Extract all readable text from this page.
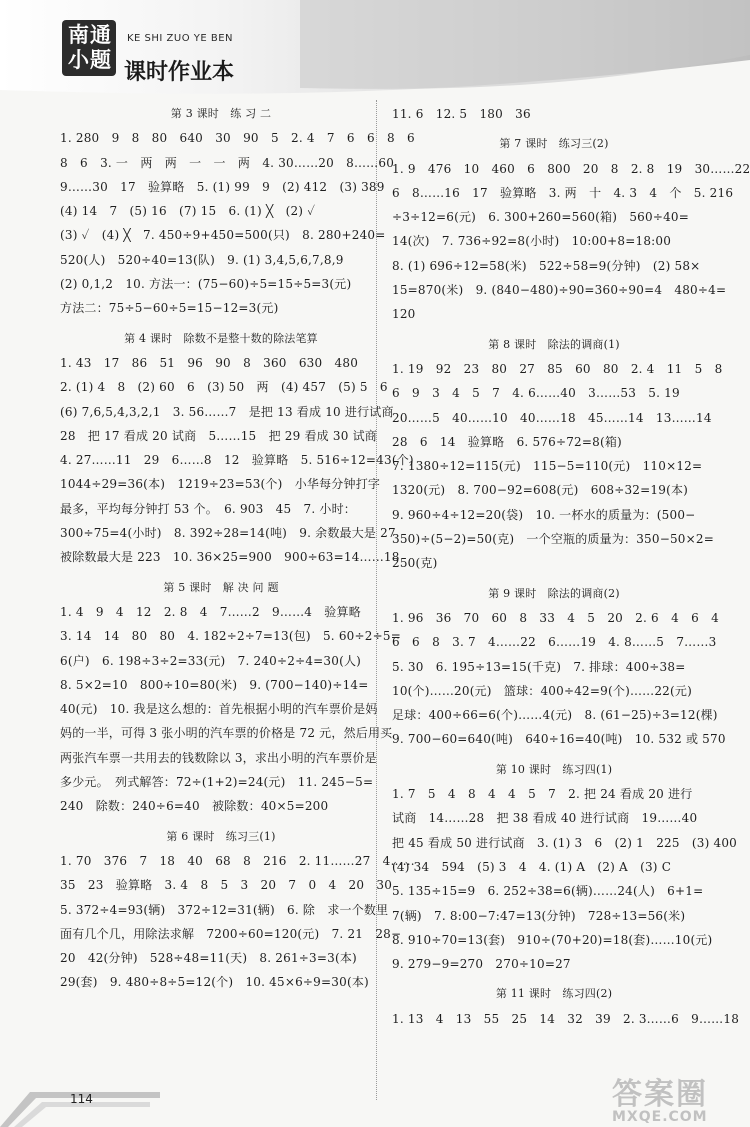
南通
小题
KE SHI ZUO YE BEN
课时作业本
第 3 课时　练 习 二
1. 280　9　8　80　640　30　90　5　2. 4　7　6　6　8　6
8　6　3. 一　两　两　一　一　两　4. 30……20　8……60
9……30　17　验算略　5. (1) 99　9　(2) 412　(3) 389
(4) 14　7　(5) 16　(7) 15　6. (1) ╳　(2) ✓
(3) ✓　(4) ╳　7. 450÷9+450=500(只)　8. 280+240=
520(人)　520÷40=13(队)　9. (1) 3,4,5,6,7,8,9
(2) 0,1,2　10. 方法一：(75−60)÷5=15÷5=3(元)
方法二：75÷5−60÷5=15−12=3(元)
第 4 课时　除数不是整十数的除法笔算
1. 43　17　86　51　96　90　8　360　630　480
2. (1) 4　8　(2) 60　6　(3) 50　两　(4) 457　(5) 5　6
(6) 7,6,5,4,3,2,1　3. 56……7　是把 13 看成 10 进行试商
28　把 17 看成 20 试商　5……15　把 29 看成 30 试商
4. 27……11　29　6……8　12　验算略　5. 516÷12=43(个)
1044÷29=36(本)　1219÷23=53(个)　小华每分钟打字
最多，平均每分钟打 53 个。　6. 903　45　7. 小时：
300÷75=4(小时)　8. 392÷28=14(吨)　9. 余数最大是 27
被除数最大是 223　10. 36×25=900　900÷63=14……18
第 5 课时　解 决 问 题
1. 4　9　4　12　2. 8　4　7……2　9……4　验算略
3. 14　14　80　80　4. 182÷2÷7=13(包)　5. 60÷2÷5=
6(户)　6. 198÷3÷2=33(元)　7. 240÷2÷4=30(人)
8. 5×2=10　800÷10=80(米)　9. (700−140)÷14=
40(元)　10. 我是这么想的：首先根据小明的汽车票价是妈
妈的一半，可得 3 张小明的汽车票的价格是 72 元，然后用买
两张汽车票一共用去的钱数除以 3，求出小明的汽车票价是
多少元。　列式解答：72÷(1+2)=24(元)　11. 245−5=
240　除数：240÷6=40　被除数：40×5=200
第 6 课时　练习三(1)
1. 70　376　7　18　40　68　8　216　2. 11……27　4……
35　23　验算略　3. 4　8　5　3　20　7　0　4　20　30
5. 372÷4=93(辆)　372÷12=31(辆)　6. 除　求一个数里
面有几个几，用除法求解　7200÷60=120(元)　7. 21　28−
20　42(分钟)　528÷48=11(天)　8. 261÷3=3(本)
29(套)　9. 480÷8÷5=12(个)　10. 45×6÷9=30(本)
11. 6　12. 5　180　36
第 7 课时　练习三(2)
1. 9　476　10　460　6　800　20　8　2. 8　19　30……22
6　8……16　17　验算略　3. 两　十　4. 3　4　个　5. 216
÷3÷12=6(元)　6. 300+260=560(箱)　560÷40=
14(次)　7. 736÷92=8(小时)　10:00+8=18:00
8. (1) 696÷12=58(米)　522÷58=9(分钟)　(2) 58×
15=870(米)　9. (840−480)÷90=360÷90=4　480÷4=
120
第 8 课时　除法的调商(1)
1. 19　92　23　80　27　85　60　80　2. 4　11　5　8
6　9　3　4　5　7　4. 6……40　3……53　5. 19
20……5　40……10　40……18　45……14　13……14
28　6　14　验算略　6. 576÷72=8(箱)
7. 1380÷12=115(元)　115−5=110(元)　110×12=
1320(元)　8. 700−92=608(元)　608÷32=19(本)
9. 960÷4÷12=20(袋)　10. 一杯水的质量为：(500−
350)÷(5−2)=50(克)　一个空瓶的质量为：350−50×2=
250(克)
第 9 课时　除法的调商(2)
1. 96　36　70　60　8　33　4　5　20　2. 6　4　6　4
6　6　8　3. 7　4……22　6……19　4. 8……5　7……3
5. 30　6. 195÷13=15(千克)　7. 排球：400÷38=
10(个)……20(元)　篮球：400÷42=9(个)……22(元)
足球：400÷66=6(个)……4(元)　8. (61−25)÷3=12(棵)
9. 700−60=640(吨)　640÷16=40(吨)　10. 532 或 570
第 10 课时　练习四(1)
1. 7　5　4　8　4　4　5　7　2. 把 24 看成 20 进行
试商　14……28　把 38 看成 40 进行试商　19……40
把 45 看成 50 进行试商　3. (1) 3　6　(2) 1　225　(3) 400
(4) 34　594　(5) 3　4　4. (1) A　(2) A　(3) C
5. 135÷15=9　6. 252÷38=6(辆)……24(人)　6+1=
7(辆)　7. 8:00−7:47=13(分钟)　728÷13=56(米)
8. 910÷70=13(套)　910÷(70+20)=18(套)……10(元)
9. 279−9=270　270÷10=27
第 11 课时　练习四(2)
1. 13　4　13　55　25　14　32　39　2. 3……6　9……18
114	答案圈
MXQE.COM
